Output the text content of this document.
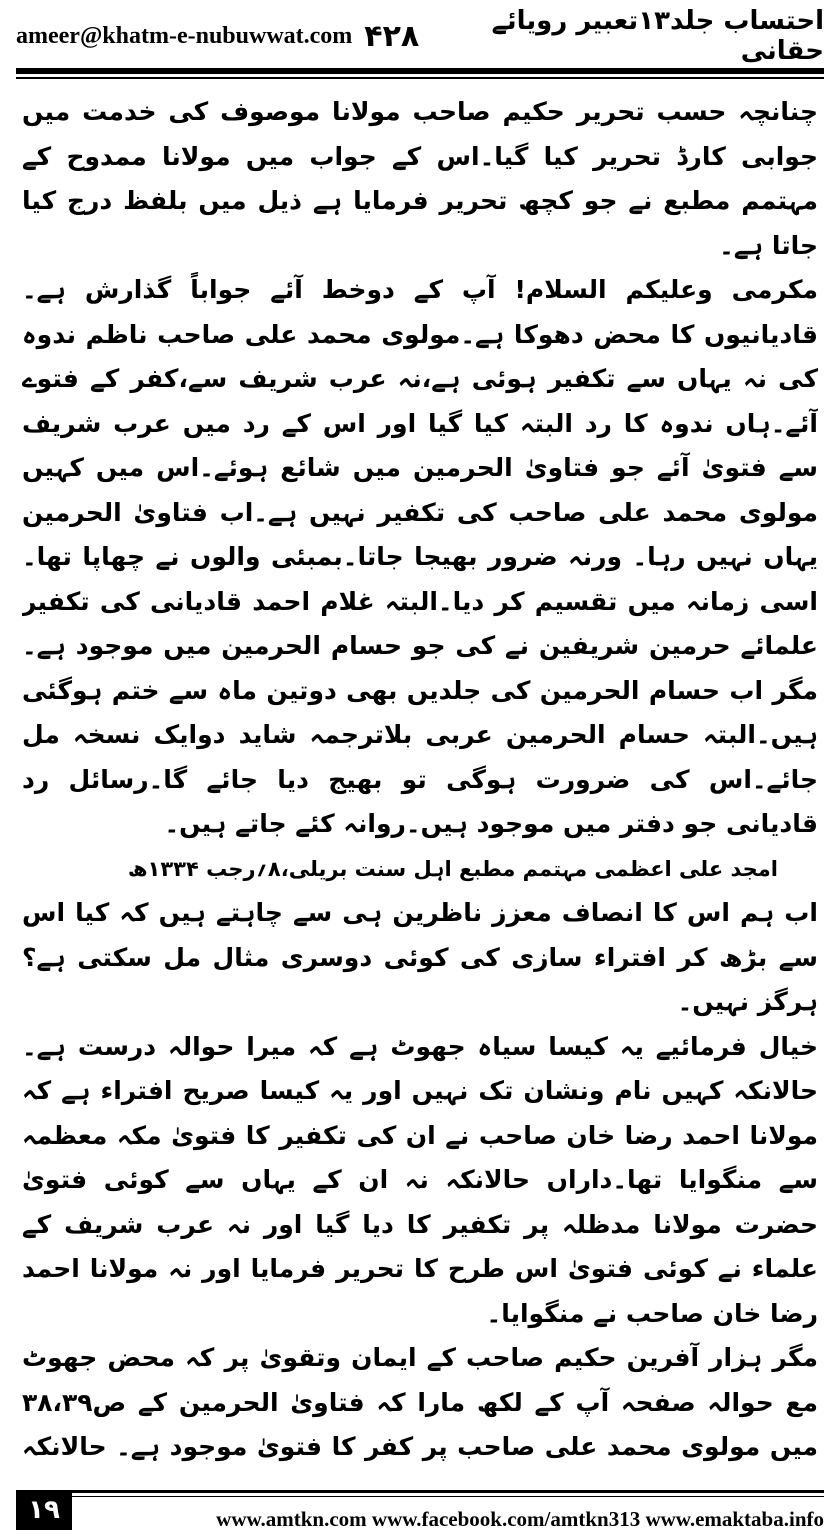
ameer@khatm-e-nubuwwat.com ۴۲۸	احتساب جلد۱۳تعبیر رویائے حقانی

چنانچہ حسب تحریر حکیم صاحب مولانا موصوف کی خدمت میں جوابی کارڈ تحریر کیا گیا۔اس کے جواب میں مولانا ممدوح کے مہتمم مطبع نے جو کچھ تحریر فرمایا ہے ذیل میں بلفظ درج کیا جاتا ہے۔

مکرمی وعلیکم السلام! آپ کے دوخط آئے جواباً گذارش ہے۔قادیانیوں کا محض دھوکا ہے۔مولوی محمد علی صاحب ناظم ندوہ کی نہ یہاں سے تکفیر ہوئی ہے،نہ عرب شریف سے،کفر کے فتوے آئے۔ہاں ندوہ کا رد البتہ کیا گیا اور اس کے رد میں عرب شریف سے فتویٰ آئے جو فتاویٰ الحرمین میں شائع ہوئے۔اس میں کہیں مولوی محمد علی صاحب کی تکفیر نہیں ہے۔اب فتاویٰ الحرمین یہاں نہیں رہا۔ ورنہ ضرور بھیجا جاتا۔بمبئی والوں نے چھاپا تھا۔اسی زمانہ میں تقسیم کر دیا۔البتہ غلام احمد قادیانی کی تکفیر علمائے حرمین شریفین نے کی جو حسام الحرمین میں موجود ہے۔مگر اب حسام الحرمین کی جلدیں بھی دوتین ماہ سے ختم ہوگئی ہیں۔البتہ حسام الحرمین عربی بلاترجمہ شاید دوایک نسخہ مل جائے۔اس کی ضرورت ہوگی تو بھیج دیا جائے گا۔رسائل رد قادیانی جو دفتر میں موجود ہیں۔روانہ کئے جاتے ہیں۔

امجد علی اعظمی مہتمم مطبع اہل سنت بریلی،۸؍رجب ۱۳۳۴ھ

اب ہم اس کا انصاف معزز ناظرین ہی سے چاہتے ہیں کہ کیا اس سے بڑھ کر افتراء سازی کی کوئی دوسری مثال مل سکتی ہے؟ ہرگز نہیں۔

خیال فرمائیے یہ کیسا سیاہ جھوٹ ہے کہ میرا حوالہ درست ہے۔حالانکہ کہیں نام ونشان تک نہیں اور یہ کیسا صریح افتراء ہے کہ مولانا احمد رضا خان صاحب نے ان کی تکفیر کا فتویٰ مکہ معظمہ سے منگوایا تھا۔داراں حالانکہ نہ ان کے یہاں سے کوئی فتویٰ حضرت مولانا مدظلہ پر تکفیر کا دیا گیا اور نہ عرب شریف کے علماء نے کوئی فتویٰ اس طرح کا تحریر فرمایا اور نہ مولانا احمد رضا خان صاحب نے منگوایا۔

مگر ہزار آفرین حکیم صاحب کے ایمان وتقویٰ پر کہ محض جھوٹ مع حوالہ صفحہ آپ کے لکھ مارا کہ فتاویٰ الحرمین کے ص۳۸،۳۹ میں مولوی محمد علی صاحب پر کفر کا فتویٰ موجود ہے۔ حالانکہ

۱۹	www.amtkn.com www.facebook.com/amtkn313 www.emaktaba.info
